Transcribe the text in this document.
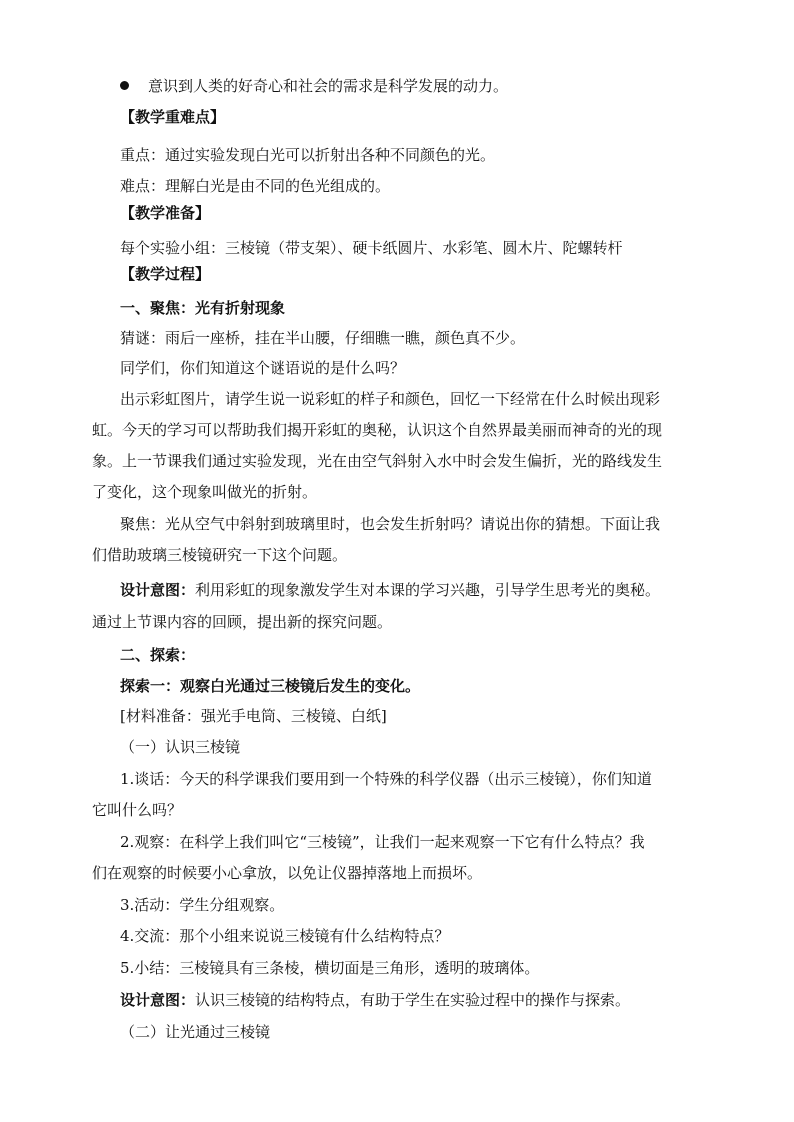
意识到人类的好奇心和社会的需求是科学发展的动力。
【教学重难点】
重点：通过实验发现白光可以折射出各种不同颜色的光。
难点：理解白光是由不同的色光组成的。
【教学准备】
每个实验小组：三棱镜（带支架）、硬卡纸圆片、水彩笔、圆木片、陀螺转杆
【教学过程】
一、聚焦：光有折射现象
猜谜：雨后一座桥，挂在半山腰，仔细瞧一瞧，颜色真不少。
同学们，你们知道这个谜语说的是什么吗？
出示彩虹图片，请学生说一说彩虹的样子和颜色，回忆一下经常在什么时候出现彩
虹。今天的学习可以帮助我们揭开彩虹的奥秘，认识这个自然界最美丽而神奇的光的现
象。上一节课我们通过实验发现，光在由空气斜射入水中时会发生偏折，光的路线发生
了变化，这个现象叫做光的折射。
聚焦：光从空气中斜射到玻璃里时，也会发生折射吗？请说出你的猜想。下面让我
们借助玻璃三棱镜研究一下这个问题。
设计意图：利用彩虹的现象激发学生对本课的学习兴趣，引导学生思考光的奥秘。
通过上节课内容的回顾，提出新的探究问题。
二、探索：
探索一：观察白光通过三棱镜后发生的变化。
[材料准备：强光手电筒、三棱镜、白纸]
（一）认识三棱镜
1.谈话：今天的科学课我们要用到一个特殊的科学仪器（出示三棱镜），你们知道
它叫什么吗？
2.观察：在科学上我们叫它“三棱镜”，让我们一起来观察一下它有什么特点？我
们在观察的时候要小心拿放，以免让仪器掉落地上而损坏。
3.活动：学生分组观察。
4.交流：那个小组来说说三棱镜有什么结构特点？
5.小结：三棱镜具有三条棱，横切面是三角形，透明的玻璃体。
设计意图：认识三棱镜的结构特点，有助于学生在实验过程中的操作与探索。
（二）让光通过三棱镜
